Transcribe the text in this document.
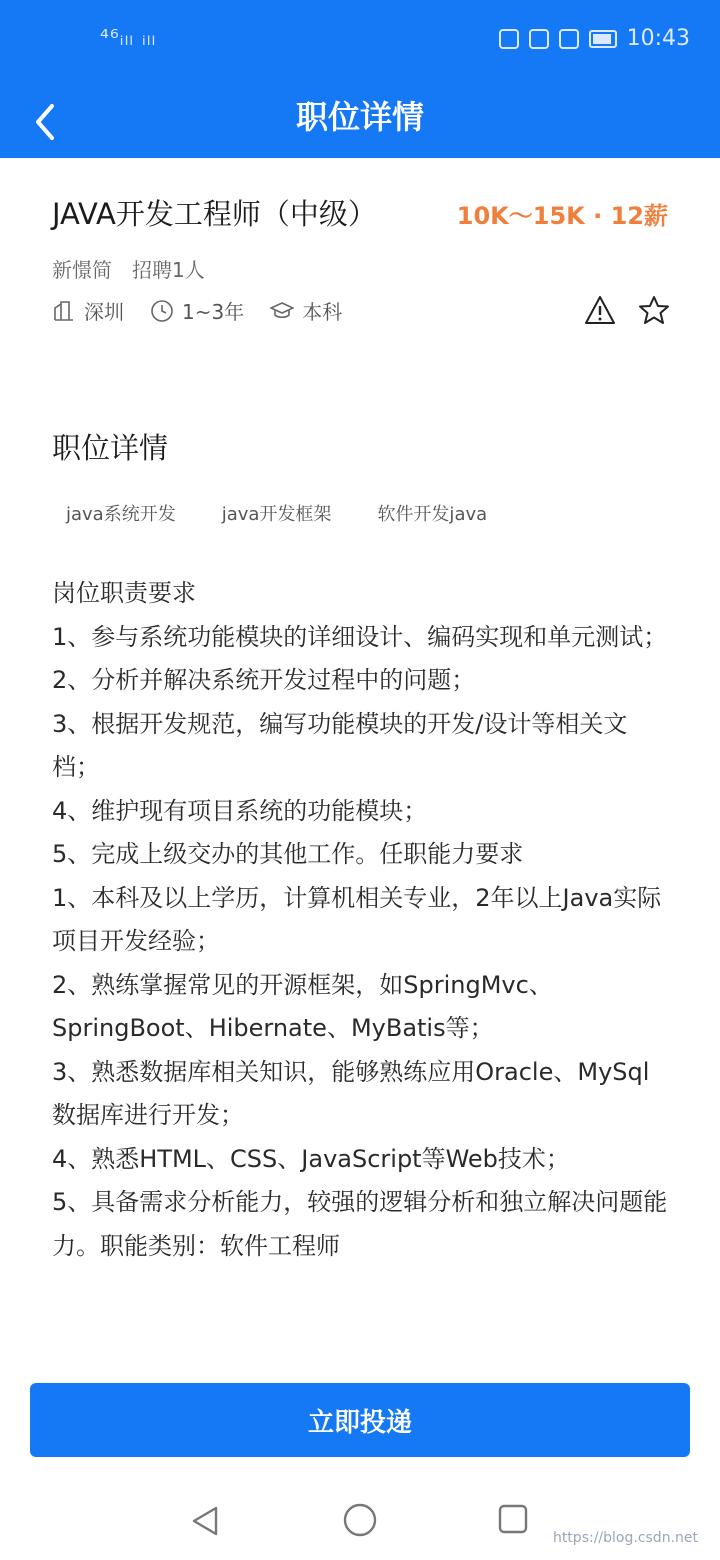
⁴⁶ᵢₗₗ ᵢₗₗ	10:43
职位详情
JAVA开发工程师（中级）	10K～15K · 12薪
新憬简 招聘1人
深圳	1~3年	本科
职位详情
java系统开发	java开发框架	软件开发java

岗位职责要求

1、参与系统功能模块的详细设计、编码实现和单元测试；

2、分析并解决系统开发过程中的问题；

3、根据开发规范，编写功能模块的开发/设计等相关文档；

4、维护现有项目系统的功能模块；

5、完成上级交办的其他工作。任职能力要求

1、本科及以上学历，计算机相关专业，2年以上Java实际项目开发经验；

2、熟练掌握常见的开源框架，如SpringMvc、SpringBoot、Hibernate、MyBatis等；

3、熟悉数据库相关知识，能够熟练应用Oracle、MySql数据库进行开发；

4、熟悉HTML、CSS、JavaScript等Web技术；

5、具备需求分析能力，较强的逻辑分析和独立解决问题能力。职能类别：软件工程师

立即投递
https://blog.csdn.net
